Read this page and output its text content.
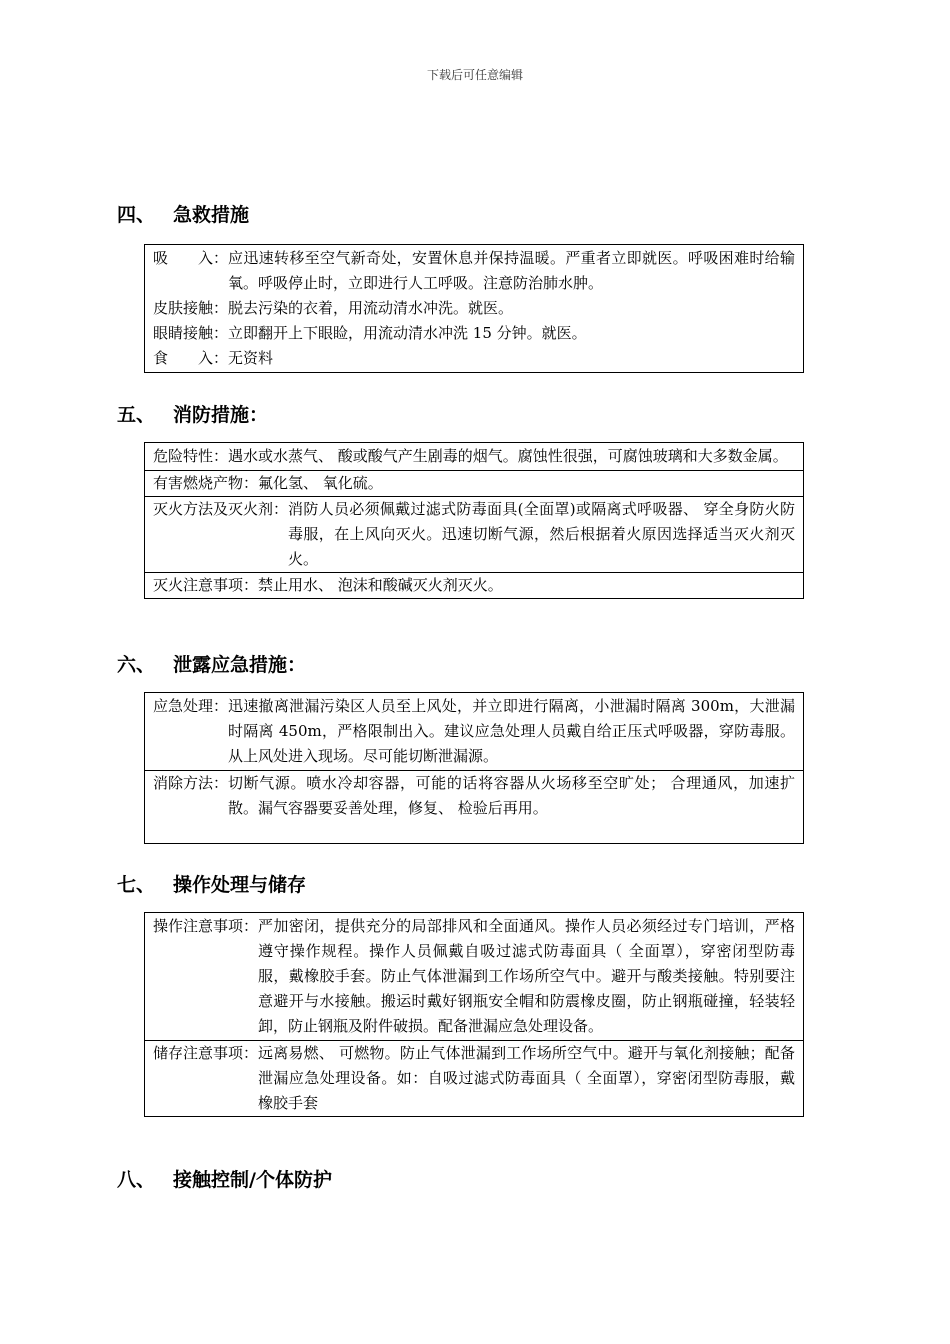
下载后可任意编辑
四、 急救措施
吸　　入： 应迅速转移至空气新奇处，安置休息并保持温暖。严重者立即就医。呼吸困难时给输氧。呼吸停止时，立即进行人工呼吸。注意防治肺水肿。
皮肤接触： 脱去污染的衣着，用流动清水冲洗。就医。
眼睛接触： 立即翻开上下眼睑，用流动清水冲洗 15 分钟。就医。
食　　入： 无资料
五、 消防措施：
危险特性： 遇水或水蒸气、 酸或酸气产生剧毒的烟气。腐蚀性很强，可腐蚀玻璃和大多数金属。
有害燃烧产物： 氟化氢、 氧化硫。
灭火方法及灭火剂： 消防人员必须佩戴过滤式防毒面具(全面罩)或隔离式呼吸器、 穿全身防火防毒服，在上风向灭火。迅速切断气源，然后根据着火原因选择适当灭火剂灭火。
灭火注意事项： 禁止用水、 泡沫和酸碱灭火剂灭火。
六、 泄露应急措施：
应急处理： 迅速撤离泄漏污染区人员至上风处，并立即进行隔离，小泄漏时隔离 300m，大泄漏时隔离 450m，严格限制出入。建议应急处理人员戴自给正压式呼吸器，穿防毒服。从上风处进入现场。尽可能切断泄漏源。
消除方法： 切断气源。喷水冷却容器，可能的话将容器从火场移至空旷处； 合理通风，加速扩散。漏气容器要妥善处理，修复、 检验后再用。
七、 操作处理与储存
操作注意事项： 严加密闭，提供充分的局部排风和全面通风。操作人员必须经过专门培训，严格遵守操作规程。操作人员佩戴自吸过滤式防毒面具（ 全面罩），穿密闭型防毒服，戴橡胶手套。防止气体泄漏到工作场所空气中。避开与酸类接触。特别要注意避开与水接触。搬运时戴好钢瓶安全帽和防震橡皮圈，防止钢瓶碰撞，轻装轻卸，防止钢瓶及附件破损。配备泄漏应急处理设备。
储存注意事项： 远离易燃、 可燃物。防止气体泄漏到工作场所空气中。避开与氧化剂接触；配备泄漏应急处理设备。如：自吸过滤式防毒面具（ 全面罩），穿密闭型防毒服，戴橡胶手套
八、 接触控制/个体防护
